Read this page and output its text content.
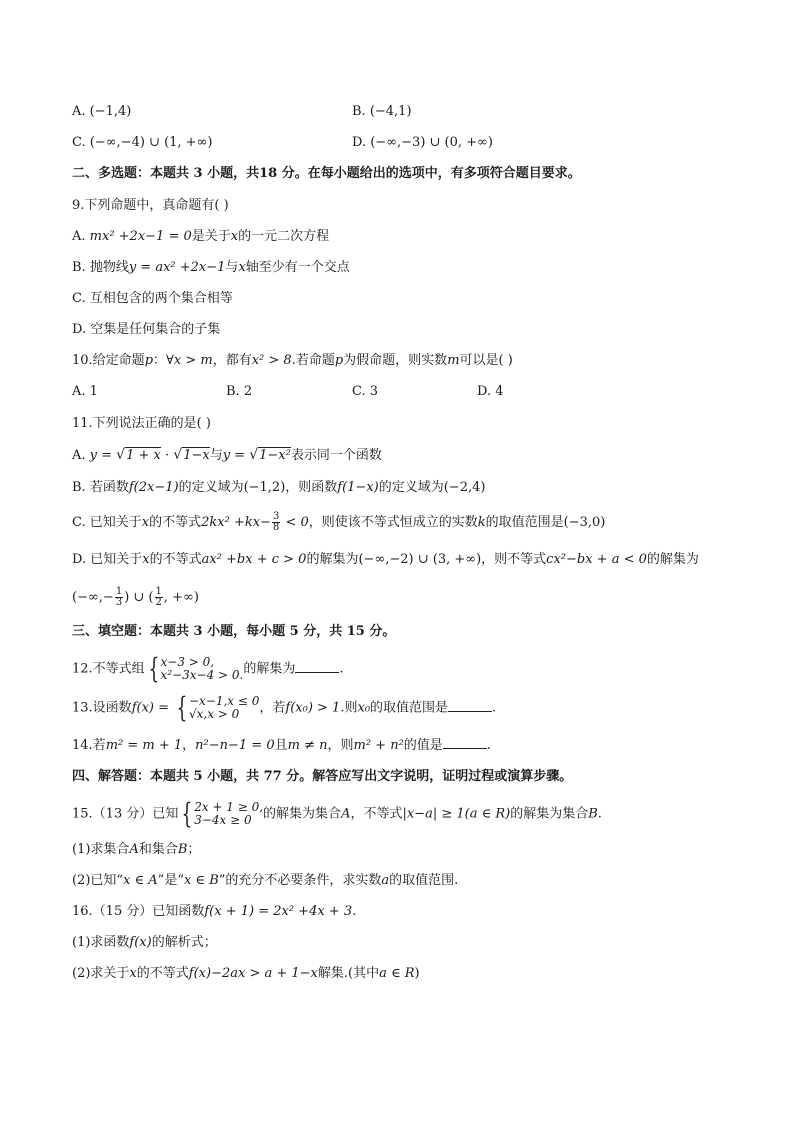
A. (−1,4)	B. (−4,1)
C. (−∞,−4) ∪ (1, +∞)	D. (−∞,−3) ∪ (0, +∞)
二、多选题：本题共 3 小题，共18 分。在每小题给出的选项中，有多项符合题目要求。
9.下列命题中，真命题有( )
A. mx² +2x−1 = 0是关于x的一元二次方程
B. 抛物线y = ax² +2x−1与x轴至少有一个交点
C. 互相包含的两个集合相等
D. 空集是任何集合的子集
10.给定命题p：∀x > m，都有x² > 8.若命题p为假命题，则实数m可以是( )
A. 1	B. 2	C. 3	D. 4
11.下列说法正确的是( )
A. y = √1 + x · √1−x与y = √1−x²表示同一个函数
B. 若函数f(2x−1)的定义域为(−1,2)，则函数f(1−x)的定义域为(−2,4)
C. 已知关于x的不等式$2kx^2 +kx- \frac{3}{8} < 0$，则使该不等式恒成立的实数k的取值范围是(−3,0)
D. 已知关于x的不等式ax² +bx + c > 0的解集为(−∞,−2) ∪ (3, +∞)，则不等式cx²−bx + a < 0的解集为
(−∞,− $\frac{1}{3}$ ) ∪ ( $\frac{1}{2}$ , +∞)
三、填空题：本题共 3 小题，每小题 5 分，共 15 分。
12.不等式组 { x−3 > 0,
x²−3x−4 > 0. 的解集为	.
13.设函数f(x) = { −x−1,x ≤ 0
√x,x > 0	，若f(x₀) > 1.则x₀的取值范围是	.
14.若m² = m + 1，n²−n−1 = 0且m ≠ n，则m² + n²的值是	.
四、解答题：本题共 5 小题，共 77 分。解答应写出文字说明，证明过程或演算步骤。
15.（13 分）已知 { 2x + 1 ≥ 0,
3−4x ≥ 0 的解集为集合A，不等式|x−a| ≥ 1(a ∈ R)的解集为集合B.
(1)求集合A和集合B；
(2)已知“x ∈ A”是“x ∈ B”的充分不必要条件，求实数a的取值范围.
16.（15 分）已知函数f(x + 1) = 2x² +4x + 3.
(1)求函数f(x)的解析式；
(2)求关于x的不等式f(x)−2ax > a + 1−x解集.(其中a ∈ R)
